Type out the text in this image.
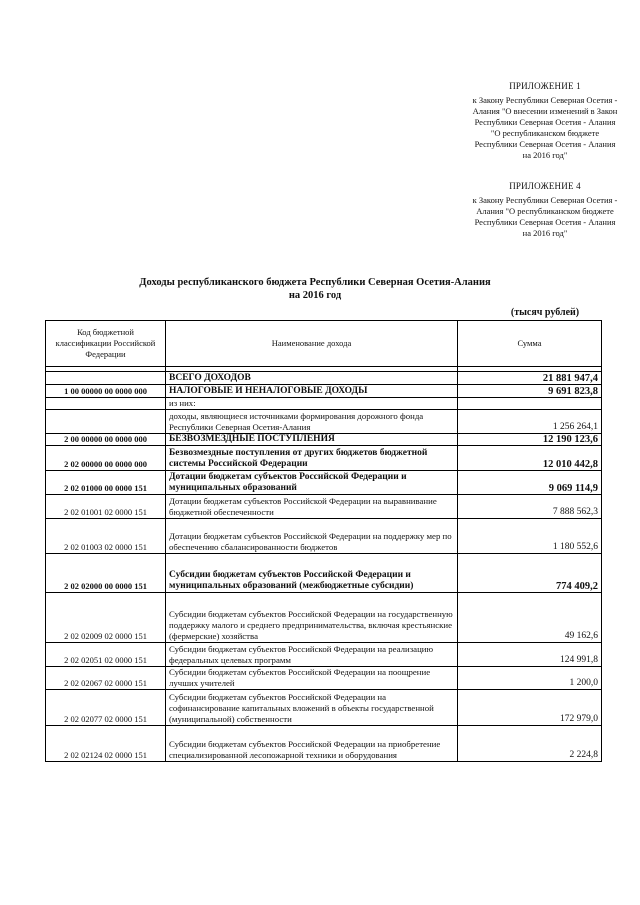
ПРИЛОЖЕНИЕ 1
к Закону Республики Северная Осетия - Алания "О внесении изменений в Закон Республики Северная Осетия - Алания "О республиканском бюджете Республики Северная Осетия - Алания на 2016 год"
ПРИЛОЖЕНИЕ 4
к Закону Республики Северная Осетия - Алания "О республиканском бюджете Республики Северная Осетия - Алания на 2016 год"
Доходы республиканского бюджета Республики Северная Осетия-Алания
на 2016 год
(тысяч рублей)
Код бюджетной классификации Российской Федерации	Наименование дохода	Сумма

	ВСЕГО ДОХОДОВ	21 881 947,4
1 00 00000 00 0000 000	НАЛОГОВЫЕ И НЕНАЛОГОВЫЕ ДОХОДЫ	9 691 823,8
	из них:	
	доходы, являющиеся источниками формирования дорожного фонда Республики Северная Осетия-Алания	1 256 264,1
2 00 00000 00 0000 000	БЕЗВОЗМЕЗДНЫЕ ПОСТУПЛЕНИЯ	12 190 123,6
2 02 00000 00 0000 000	Безвозмездные поступления от других бюджетов бюджетной системы Российской Федерации	12 010 442,8
2 02 01000 00 0000 151	Дотации бюджетам субъектов Российской Федерации и муниципальных образований	9 069 114,9
2 02 01001 02 0000 151	Дотации бюджетам субъектов Российской Федерации на выравнивание бюджетной обеспеченности	7 888 562,3
2 02 01003 02 0000 151	Дотации бюджетам субъектов Российской Федерации на поддержку мер по обеспечению сбалансированности бюджетов	1 180 552,6
2 02 02000 00 0000 151	Субсидии бюджетам субъектов Российской Федерации и муниципальных образований (межбюджетные субсидии)	774 409,2
2 02 02009 02 0000 151	Субсидии бюджетам субъектов Российской Федерации на государственную поддержку малого и среднего предпринимательства, включая крестьянские (фермерские) хозяйства	49 162,6
2 02 02051 02 0000 151	Субсидии бюджетам субъектов Российской Федерации на реализацию федеральных целевых программ	124 991,8
2 02 02067 02 0000 151	Субсидии бюджетам субъектов Российской Федерации на поощрение лучших учителей	1 200,0
2 02 02077 02 0000 151	Субсидии бюджетам субъектов Российской Федерации на софинансирование капитальных вложений в объекты государственной (муниципальной) собственности	172 979,0
2 02 02124 02 0000 151	Субсидии бюджетам субъектов Российской Федерации на приобретение специализированной лесопожарной техники и оборудования	2 224,8
